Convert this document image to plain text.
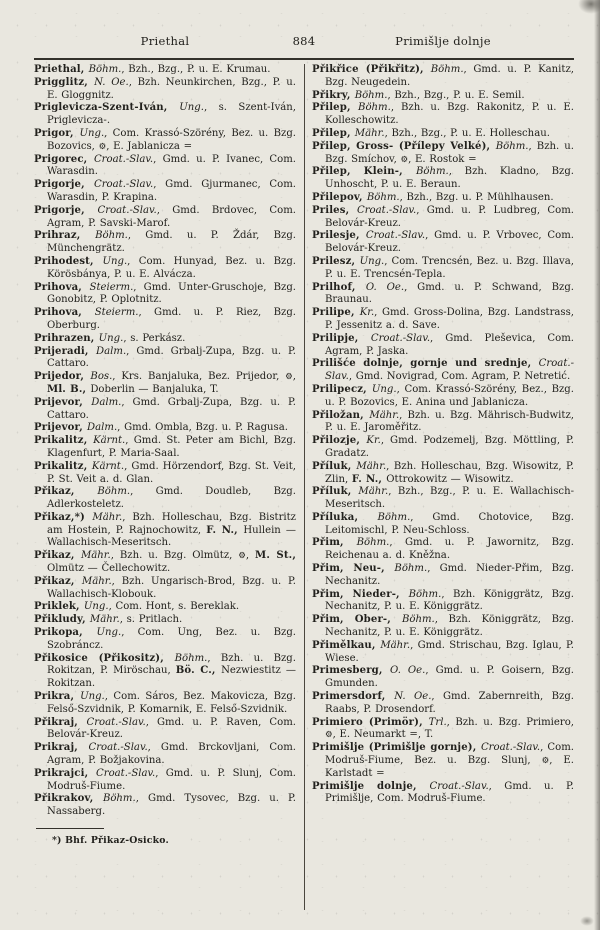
Priethal	Primišlje dolnje
884

Priethal, Böhm., Bzh., Bzg., P. u. E. Krumau.

Prigglitz, N. Oe., Bzh. Neunkirchen, Bzg., P. u. E. Gloggnitz.

Priglevicza-Szent-Iván, Ung., s. Szent-Iván, Priglevicza-.

Prigor, Ung., Com. Krassó-Szörény, Bez. u. Bzg. Bozovics, ⚙, E. Jablanicza =

Prigorec, Croat.-Slav., Gmd. u. P. Ivanec, Com. Warasdin.

Prigorje, Croat.-Slav., Gmd. Gjurmanec, Com. Warasdin, P. Krapina.

Prigorje, Croat.-Slav., Gmd. Brdovec, Com. Agram, P. Savski-Marof.

Prihraz, Böhm., Gmd. u. P. Ždár, Bzg. Münchengrätz.

Prihodest, Ung., Com. Hunyad, Bez. u. Bzg. Körösbánya, P. u. E. Alvácza.

Prihova, Steierm., Gmd. Unter-Gruschoje, Bzg. Gonobitz, P. Oplotnitz.

Prihova, Steierm., Gmd. u. P. Riez, Bzg. Oberburg.

Prihrazen, Ung., s. Perkász.

Prijeradi, Dalm., Gmd. Grbalj-Zupa, Bzg. u. P. Cattaro.

Prijedor, Bos., Krs. Banjaluka, Bez. Prijedor, ⚙, Ml. B., Doberlin — Banjaluka, T.

Prijevor, Dalm., Gmd. Grbalj-Zupa, Bzg. u. P. Cattaro.

Prijevor, Dalm., Gmd. Ombla, Bzg. u. P. Ragusa.

Prikalitz, Kärnt., Gmd. St. Peter am Bichl, Bzg. Klagenfurt, P. Maria-Saal.

Prikalitz, Kärnt., Gmd. Hörzendorf, Bzg. St. Veit, P. St. Veit a. d. Glan.

Přikaz, Böhm., Gmd. Doudleb, Bzg. Adlerkosteletz.

Přikaz,*) Mähr., Bzh. Holleschau, Bzg. Bistritz am Hostein, P. Rajnochowitz, F. N., Hullein — Wallachisch-Meseritsch.

Přikaz, Mähr., Bzh. u. Bzg. Olmütz, ⚙, M. St., Olmütz — Čellechowitz.

Přikaz, Mähr., Bzh. Ungarisch-Brod, Bzg. u. P. Wallachisch-Klobouk.

Priklek, Ung., Com. Hont, s. Bereklak.

Přikludy, Mähr., s. Pritlach.

Prikopa, Ung., Com. Ung, Bez. u. Bzg. Szobráncz.

Přikosice (Přikositz), Böhm., Bzh. u. Bzg. Rokitzan, P. Miröschau, Bö. C., Nezwiestitz — Rokitzan.

Prikra, Ung., Com. Sáros, Bez. Makovicza, Bzg. Felső-Szvidnik, P. Komarnik, E. Felső-Szvidnik.

Přikraj, Croat.-Slav., Gmd. u. P. Raven, Com. Belovár-Kreuz.

Prikraj, Croat.-Slav., Gmd. Brckovljani, Com. Agram, P. Božjakovina.

Prikrajci, Croat.-Slav., Gmd. u. P. Slunj, Com. Modruš-Fiume.

Přikrakov, Böhm., Gmd. Tysovec, Bzg. u. P. Nassaberg.

*) Bhf. Přikaz-Osicko.

Přikřice (Přikřitz), Böhm., Gmd. u. P. Kanitz, Bzg. Neugedein.

Přikry, Böhm., Bzh., Bzg., P. u. E. Semil.

Přilep, Böhm., Bzh. u. Bzg. Rakonitz, P. u. E. Kolleschowitz.

Přilep, Mähr., Bzh., Bzg., P. u. E. Holleschau.

Přilep, Gross- (Přílepy Velké), Böhm., Bzh. u. Bzg. Smíchov, ⚙, E. Rostok =

Přilep, Klein-, Böhm., Bzh. Kladno, Bzg. Unhoscht, P. u. E. Beraun.

Přilepov, Böhm., Bzh., Bzg. u. P. Mühlhausen.

Priles, Croat.-Slav., Gmd. u. P. Ludbreg, Com. Belovár-Kreuz.

Prilesje, Croat.-Slav., Gmd. u. P. Vrbovec, Com. Belovár-Kreuz.

Prilesz, Ung., Com. Trencsén, Bez. u. Bzg. Illava, P. u. E. Trencsén-Tepla.

Prilhof, O. Oe., Gmd. u. P. Schwand, Bzg. Braunau.

Prilipe, Kr., Gmd. Gross-Dolina, Bzg. Landstrass, P. Jessenitz a. d. Save.

Prilipje, Croat.-Slav., Gmd. Pleševica, Com. Agram, P. Jaska.

Prilišće dolnje, gornje und srednje, Croat.-Slav., Gmd. Novigrad, Com. Agram, P. Netretić.

Prilipecz, Ung., Com. Krassó-Szörény, Bez., Bzg. u. P. Bozovics, E. Anina und Jablanicza.

Přiložan, Mähr., Bzh. u. Bzg. Mährisch-Budwitz, P. u. E. Jaroměřitz.

Přilozje, Kr., Gmd. Podzemelj, Bzg. Möttling, P. Gradatz.

Příluk, Mähr., Bzh. Holleschau, Bzg. Wisowitz, P. Zlin, F. N., Ottrokowitz — Wisowitz.

Příluk, Mähr., Bzh., Bzg., P. u. E. Wallachisch-Meseritsch.

Příluka, Böhm., Gmd. Chotovice, Bzg. Leitomischl, P. Neu-Schloss.

Přim, Böhm., Gmd. u. P. Jawornitz, Bzg. Reichenau a. d. Kněžna.

Přim, Neu-, Böhm., Gmd. Nieder-Přim, Bzg. Nechanitz.

Přim, Nieder-, Böhm., Bzh. Königgrätz, Bzg. Nechanitz, P. u. E. Königgrätz.

Přim, Ober-, Böhm., Bzh. Königgrätz, Bzg. Nechanitz, P. u. E. Königgrätz.

Přimělkau, Mähr., Gmd. Strischau, Bzg. Iglau, P. Wiese.

Primesberg, O. Oe., Gmd. u. P. Goisern, Bzg. Gmunden.

Primersdorf, N. Oe., Gmd. Zabernreith, Bzg. Raabs, P. Drosendorf.

Primiero (Primör), Trl., Bzh. u. Bzg. Primiero, ⚙, E. Neumarkt =, T.

Primišlje (Primišlje gornje), Croat.-Slav., Com. Modruš-Fiume, Bez. u. Bzg. Slunj, ⚙, E. Karlstadt =

Primišlje dolnje, Croat.-Slav., Gmd. u. P. Primišlje, Com. Modruš-Fiume.
